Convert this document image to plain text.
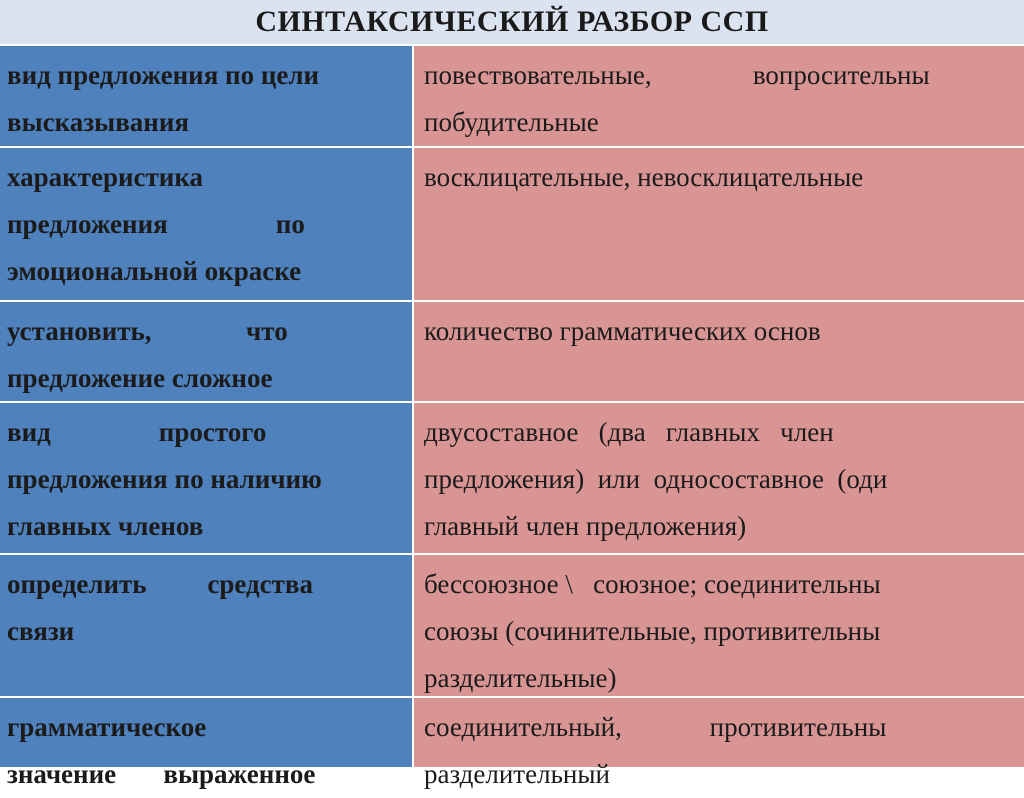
СИНТАКСИЧЕСКИЙ РАЗБОР ССП
вид предложения по цели
высказывания
повествовательные,               вопросительны
побудительные
характеристика
предложения                по
эмоциональной окраске
восклицательные, невосклицательные
установить,              что
предложение сложное
количество грамматических основ
вид                простого
предложения по наличию
главных членов
двусоставное   (два   главных   член
предложения)  или  односоставное  (оди
главный член предложения)
определить         средства
связи
бессоюзное \   союзное; соединительны
союзы (сочинительные, противительны
разделительные)
грамматическое
значение       выраженное
соединительный,             противительны
разделительный
